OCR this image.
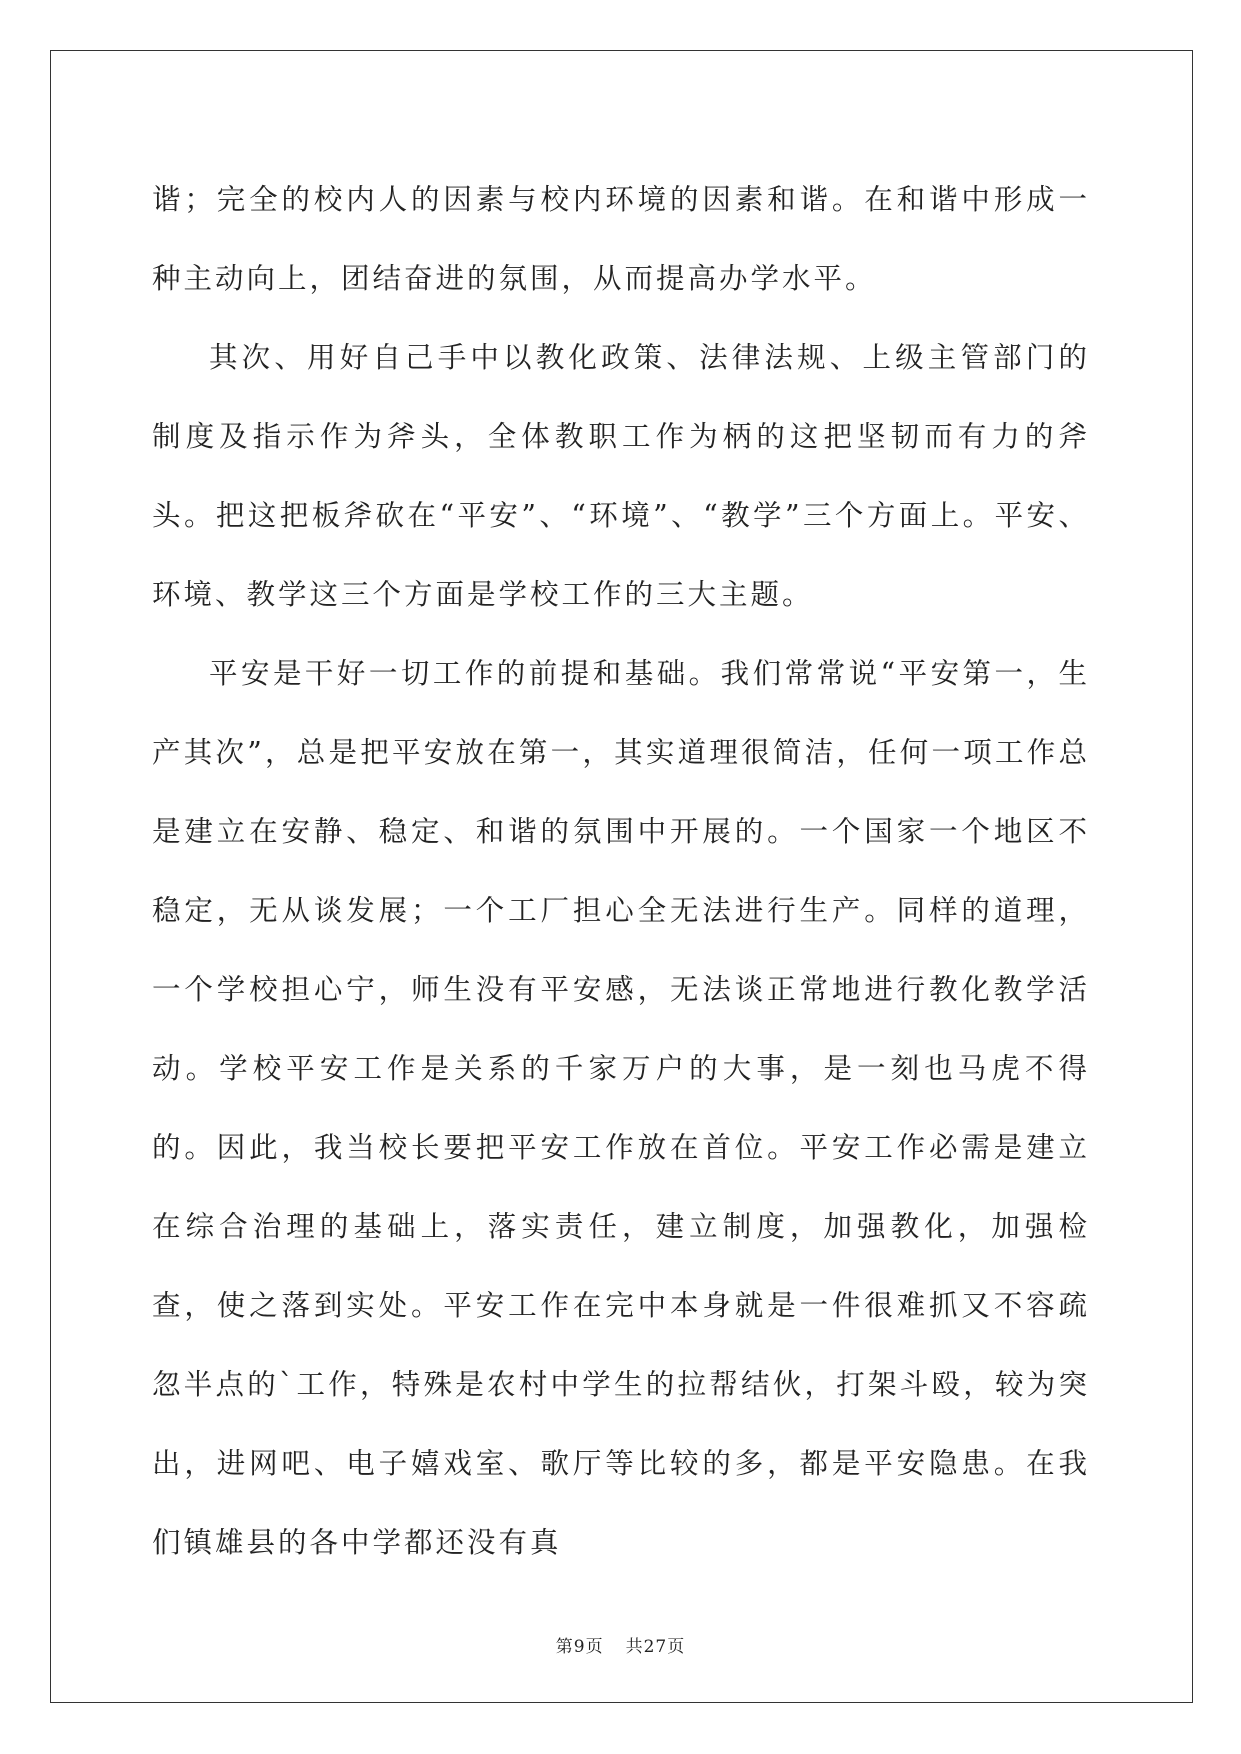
谐；完全的校内人的因素与校内环境的因素和谐。在和谐中形成一种主动向上，团结奋进的氛围，从而提高办学水平。

其次、用好自己手中以教化政策、法律法规、上级主管部门的制度及指示作为斧头，全体教职工作为柄的这把坚韧而有力的斧头。把这把板斧砍在“平安”、“环境”、“教学”三个方面上。平安、环境、教学这三个方面是学校工作的三大主题。

平安是干好一切工作的前提和基础。我们常常说“平安第一，生产其次”，总是把平安放在第一，其实道理很简洁，任何一项工作总是建立在安静、稳定、和谐的氛围中开展的。一个国家一个地区不稳定，无从谈发展；一个工厂担心全无法进行生产。同样的道理，一个学校担心宁，师生没有平安感，无法谈正常地进行教化教学活动。学校平安工作是关系的千家万户的大事，是一刻也马虎不得的。因此，我当校长要把平安工作放在首位。平安工作必需是建立在综合治理的基础上，落实责任，建立制度，加强教化，加强检查，使之落到实处。平安工作在完中本身就是一件很难抓又不容疏忽半点的`工作，特殊是农村中学生的拉帮结伙，打架斗殴，较为突出，进网吧、电子嬉戏室、歌厅等比较的多，都是平安隐患。在我们镇雄县的各中学都还没有真

第9页 共27页
